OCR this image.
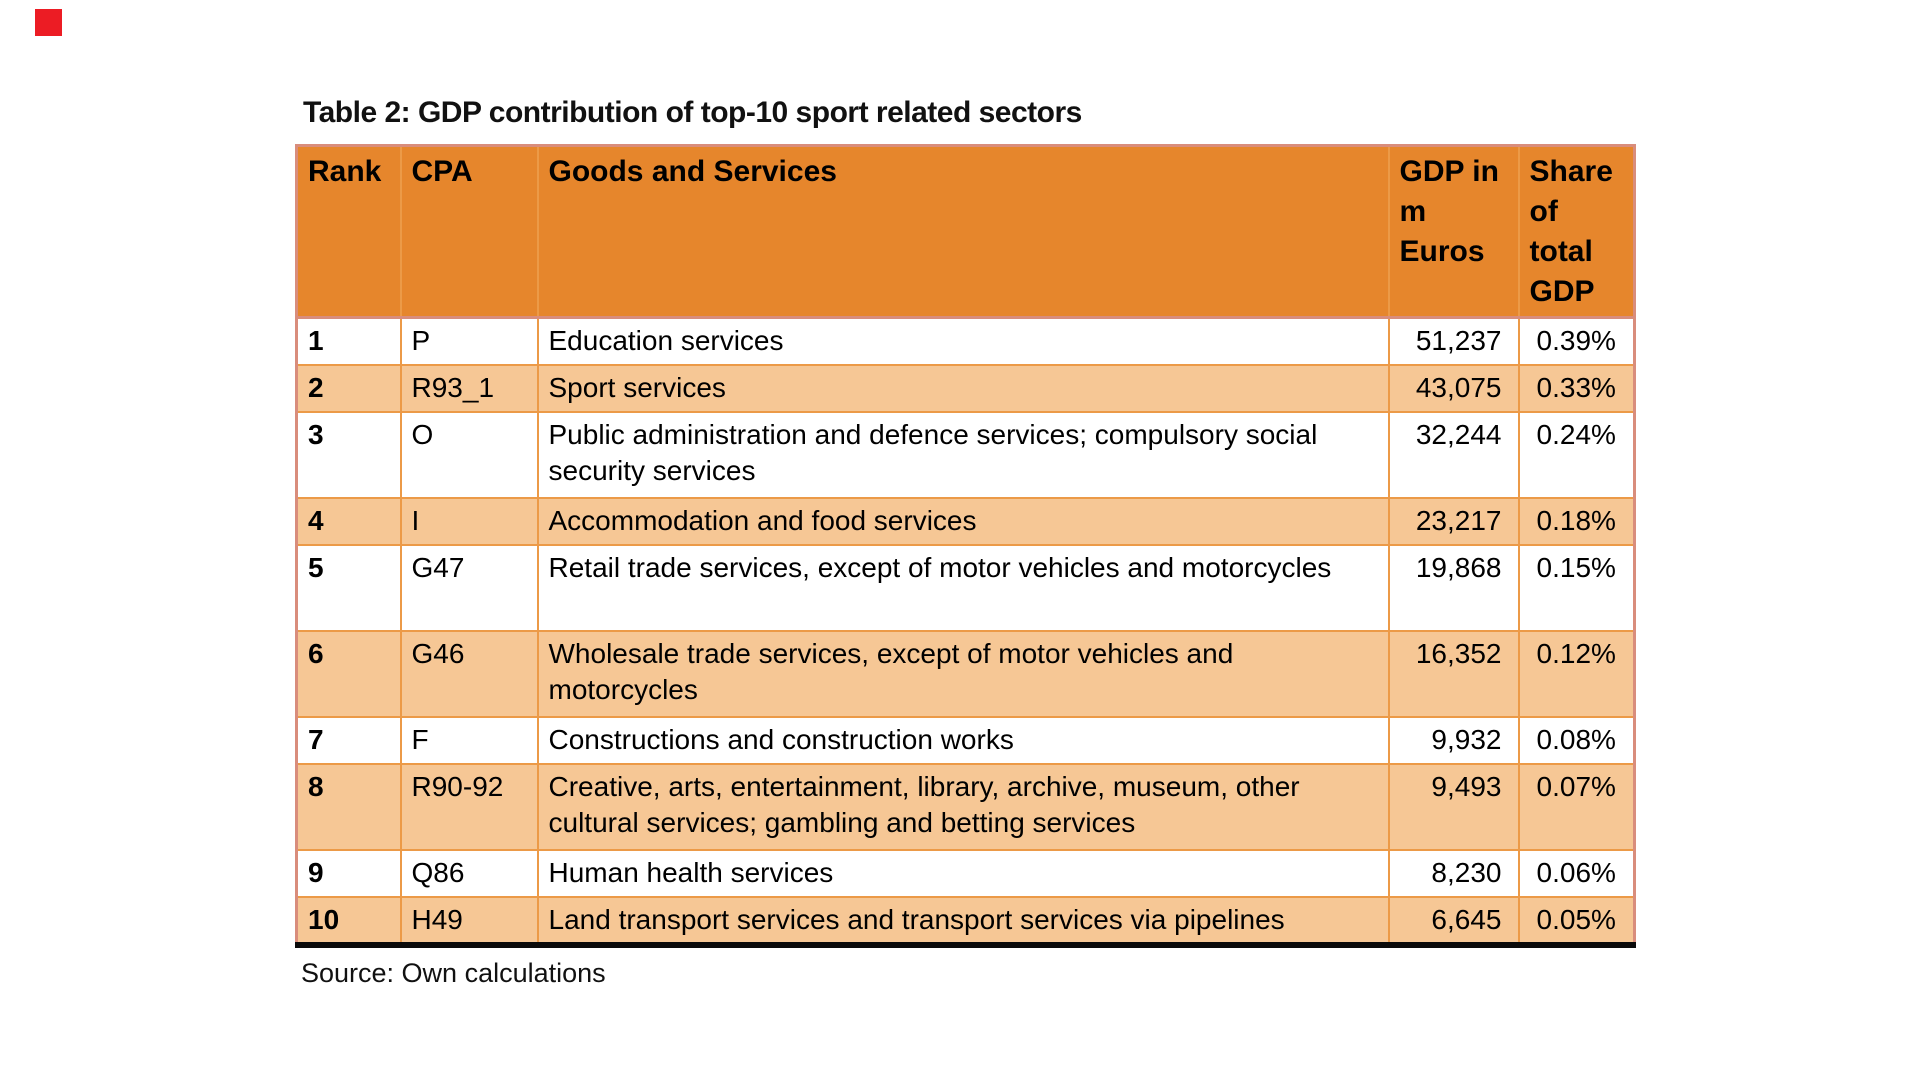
Table 2: GDP contribution of top-10 sport related sectors

Rank	CPA	Goods and Services	GDP in m Euros	Share of total GDP
1	P	Education services	51,237	0.39%
2	R93_1	Sport services	43,075	0.33%
3	O	Public administration and defence services; compulsory social security services	32,244	0.24%
4	I	Accommodation and food services	23,217	0.18%
5	G47	Retail trade services, except of motor vehicles and motorcycles	19,868	0.15%
6	G46	Wholesale trade services, except of motor vehicles and motorcycles	16,352	0.12%
7	F	Constructions and construction works	9,932	0.08%
8	R90-92	Creative, arts, entertainment, library, archive, museum, other cultural services; gambling and betting services	9,493	0.07%
9	Q86	Human health services	8,230	0.06%
10	H49	Land transport services and transport services via pipelines	6,645	0.05%

Source: Own calculations
